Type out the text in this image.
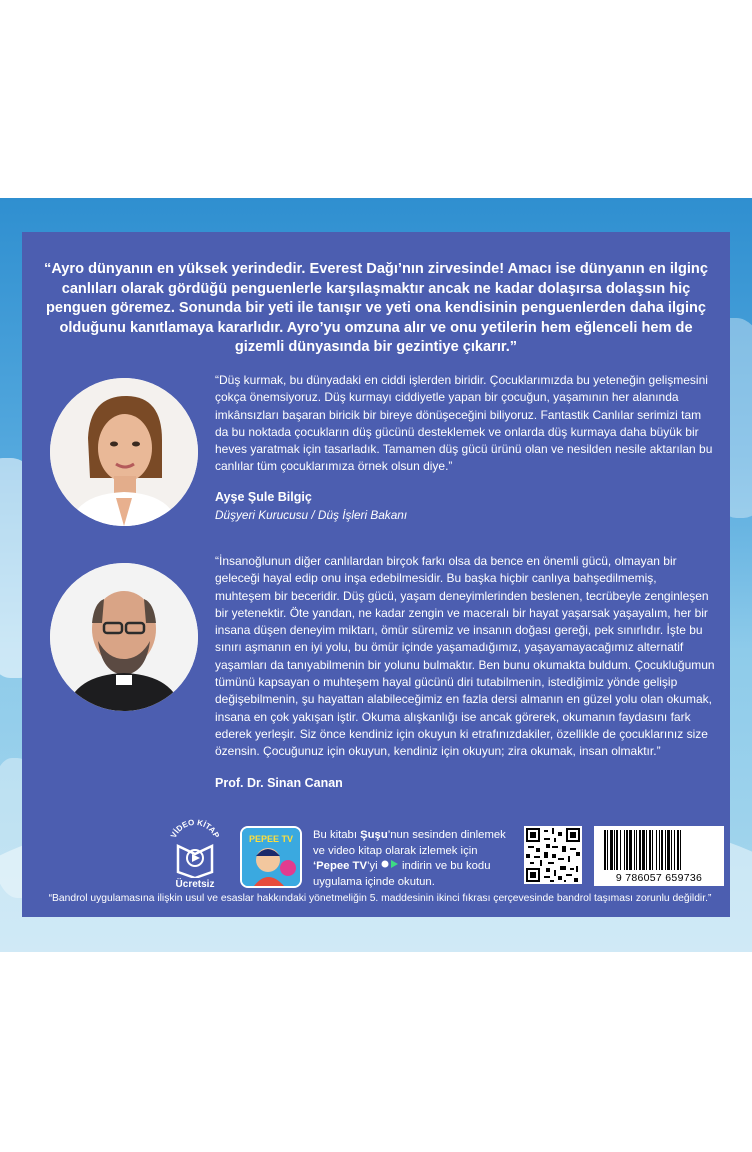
“Ayro dünyanın en yüksek yerindedir. Everest Dağı’nın zirvesinde! Amacı ise dünyanın en ilginç canlıları olarak gördüğü penguenlerle karşılaşmaktır ancak ne kadar dolaşırsa dolaşsın hiç penguen göremez. Sonunda bir yeti ile tanışır ve yeti ona kendisinin penguenlerden daha ilginç olduğunu kanıtlamaya kararlıdır. Ayro’yu omzuna alır ve onu yetilerin hem eğlenceli hem de gizemli dünyasında bir gezintiye çıkarır.”

“Düş kurmak, bu dünyadaki en ciddi işlerden biridir. Çocuklarımızda bu yeteneğin gelişmesini çokça önemsiyoruz. Düş kurmayı ciddiyetle yapan bir çocuğun, yaşamının her alanında imkânsızları başaran biricik bir bireye dönüşeceğini biliyoruz. Fantastik Canlılar serimizi tam da bu noktada çocukların düş gücünü desteklemek ve onlarda düş kurmaya daha büyük bir heves yaratmak için tasarladık. Tamamen düş gücü ürünü olan ve nesilden nesile aktarılan bu canlılar tüm çocuklarımıza örnek olsun diye.”

Ayşe Şule Bilgiç
Düşyeri Kurucusu / Düş İşleri Bakanı

“İnsanoğlunun diğer canlılardan birçok farkı olsa da bence en önemli gücü, olmayan bir geleceği hayal edip onu inşa edebilmesidir. Bu başka hiçbir canlıya bahşedilmemiş, muhteşem bir beceridir. Düş gücü, yaşam deneyimlerinden beslenen, tecrübeyle zenginleşen bir yetenektir. Öte yandan, ne kadar zengin ve maceralı bir hayat yaşarsak yaşayalım, her bir insana düşen deneyim miktarı, ömür süremiz ve insanın doğası gereği, pek sınırlıdır. İşte bu sınırı aşmanın en iyi yolu, bu ömür içinde yaşamadığımız, yaşayamayacağımız alternatif yaşamları da tanıyabilmenin bir yolunu bulmaktır. Ben bunu okumakta buldum. Çocukluğumun tümünü kapsayan o muhteşem hayal gücünü diri tutabilmenin, istediğimiz yönde gelişip değişebilmenin, şu hayattan alabileceğimiz en fazla dersi almanın en güzel yolu olan okumak, insana en çok yakışan iştir. Okuma alışkanlığı ise ancak görerek, okumanın faydasını fark ederek yerleşir. Siz önce kendiniz için okuyun ki etrafınızdakiler, özellikle de çocuklarınız size özensin. Çocuğunuz için okuyun, kendiniz için okuyun; zira okumak, insan olmaktır.”

Prof. Dr. Sinan Canan
VİDEO KİTAP
Ücretsiz
PEPEE TV Bu kitabı Şuşu’nun sesinden dinlemek
ve video kitap olarak izlemek için
‘Pepee TV’yi  indirin ve bu kodu
uygulama içinde okutun.	9 786057 659736
“Bandrol uygulamasına ilişkin usul ve esaslar hakkındaki yönetmeliğin 5. maddesinin ikinci fıkrası çerçevesinde bandrol taşıması zorunlu değildir.”
